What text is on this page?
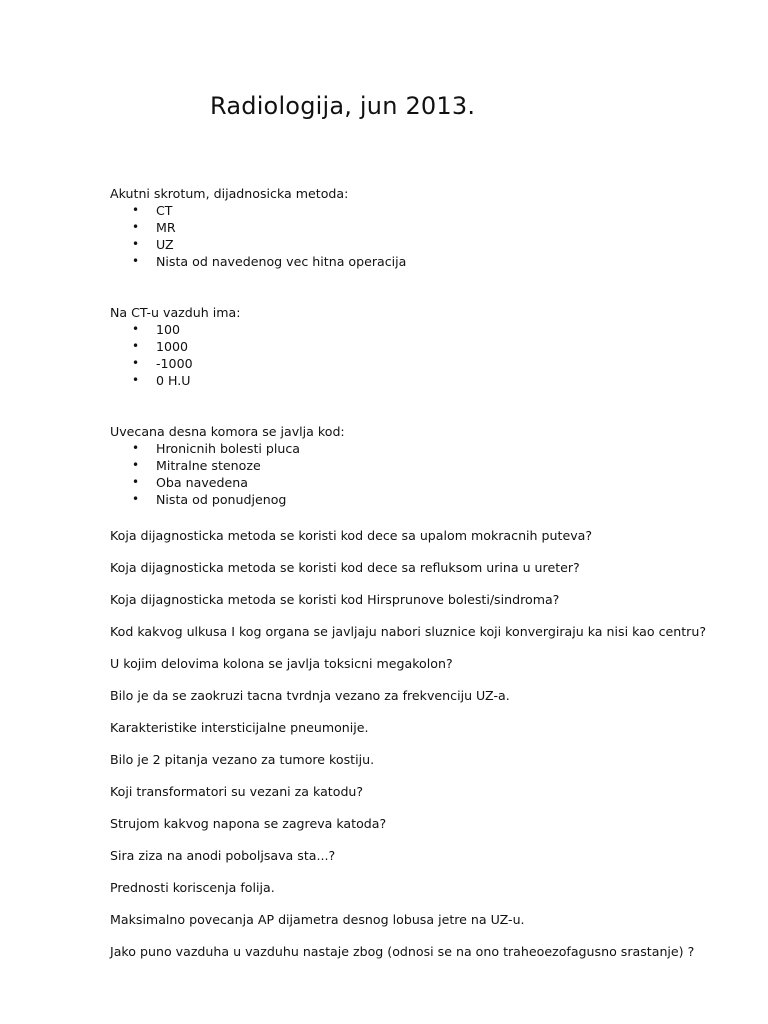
Radiologija, jun 2013.

Akutni skrotum, dijadnosicka metoda:

• CT
• MR
• UZ
• Nista od navedenog vec hitna operacija

Na CT-u vazduh ima:

• 100
• 1000
• -1000
• 0 H.U

Uvecana desna komora se javlja kod:

• Hronicnih bolesti pluca
• Mitralne stenoze
• Oba navedena
• Nista od ponudjenog

Koja dijagnosticka metoda se koristi kod dece sa upalom mokracnih puteva?

Koja dijagnosticka metoda se koristi kod dece sa refluksom urina u ureter?

Koja dijagnosticka metoda se koristi kod Hirsprunove bolesti/sindroma?

Kod kakvog ulkusa I kog organa se javljaju nabori sluznice koji konvergiraju ka nisi kao centru?

U kojim delovima kolona se javlja toksicni megakolon?

Bilo je da se zaokruzi tacna tvrdnja vezano za frekvenciju UZ-a.

Karakteristike intersticijalne pneumonije.

Bilo je 2 pitanja vezano za tumore kostiju.

Koji transformatori su vezani za katodu?

Strujom kakvog napona se zagreva katoda?

Sira ziza na anodi poboljsava sta...?

Prednosti koriscenja folija.

Maksimalno povecanja AP dijametra desnog lobusa jetre na UZ-u.

Jako puno vazduha u vazduhu nastaje zbog (odnosi se na ono traheoezofagusno srastanje) ?
